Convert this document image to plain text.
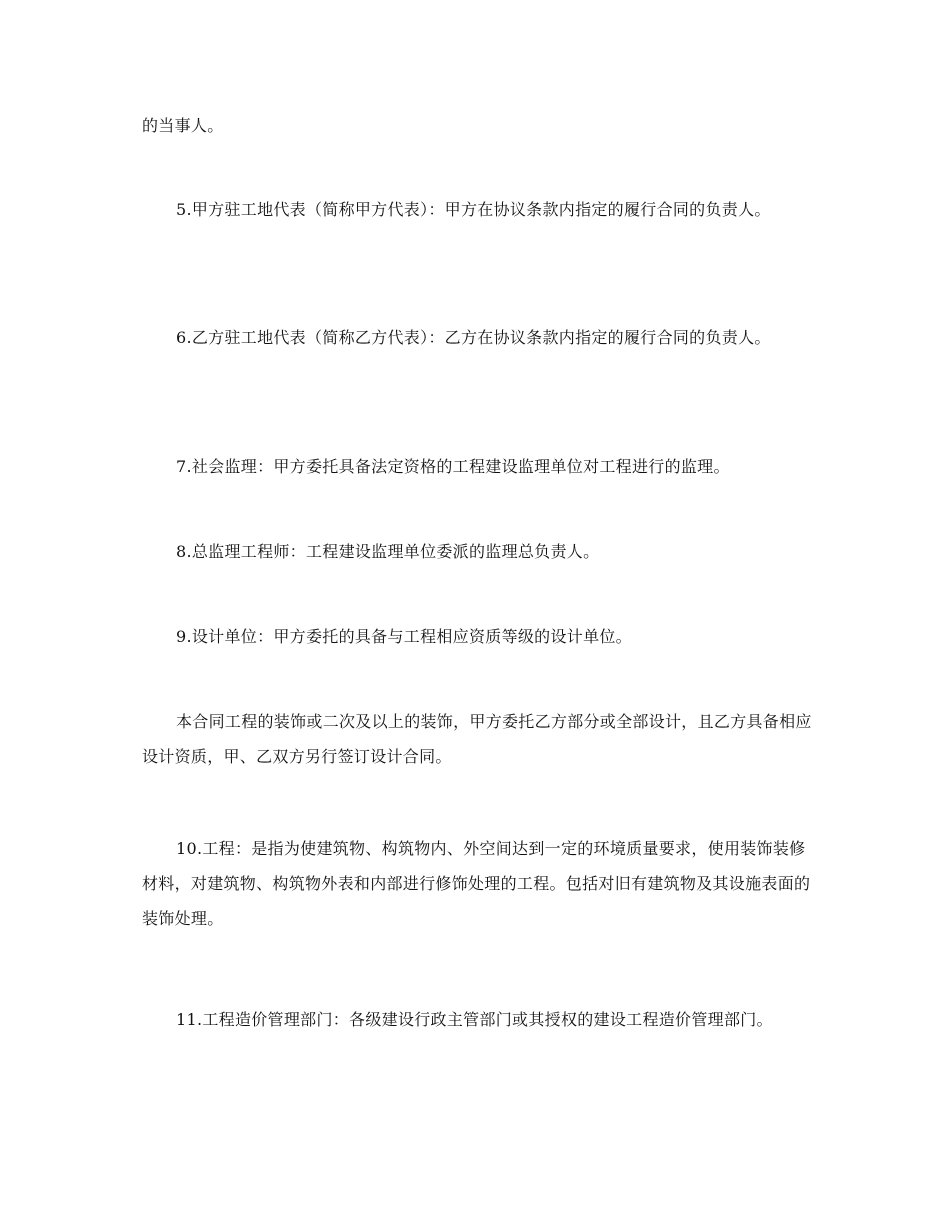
的当事人。

5.甲方驻工地代表（简称甲方代表）：甲方在协议条款内指定的履行合同的负责人。

6.乙方驻工地代表（简称乙方代表）：乙方在协议条款内指定的履行合同的负责人。

7.社会监理：甲方委托具备法定资格的工程建设监理单位对工程进行的监理。

8.总监理工程师：工程建设监理单位委派的监理总负责人。

9.设计单位：甲方委托的具备与工程相应资质等级的设计单位。

本合同工程的装饰或二次及以上的装饰，甲方委托乙方部分或全部设计，且乙方具备相应设计资质，甲、乙双方另行签订设计合同。

10.工程：是指为使建筑物、构筑物内、外空间达到一定的环境质量要求，使用装饰装修材料，对建筑物、构筑物外表和内部进行修饰处理的工程。包括对旧有建筑物及其设施表面的装饰处理。

11.工程造价管理部门：各级建设行政主管部门或其授权的建设工程造价管理部门。
